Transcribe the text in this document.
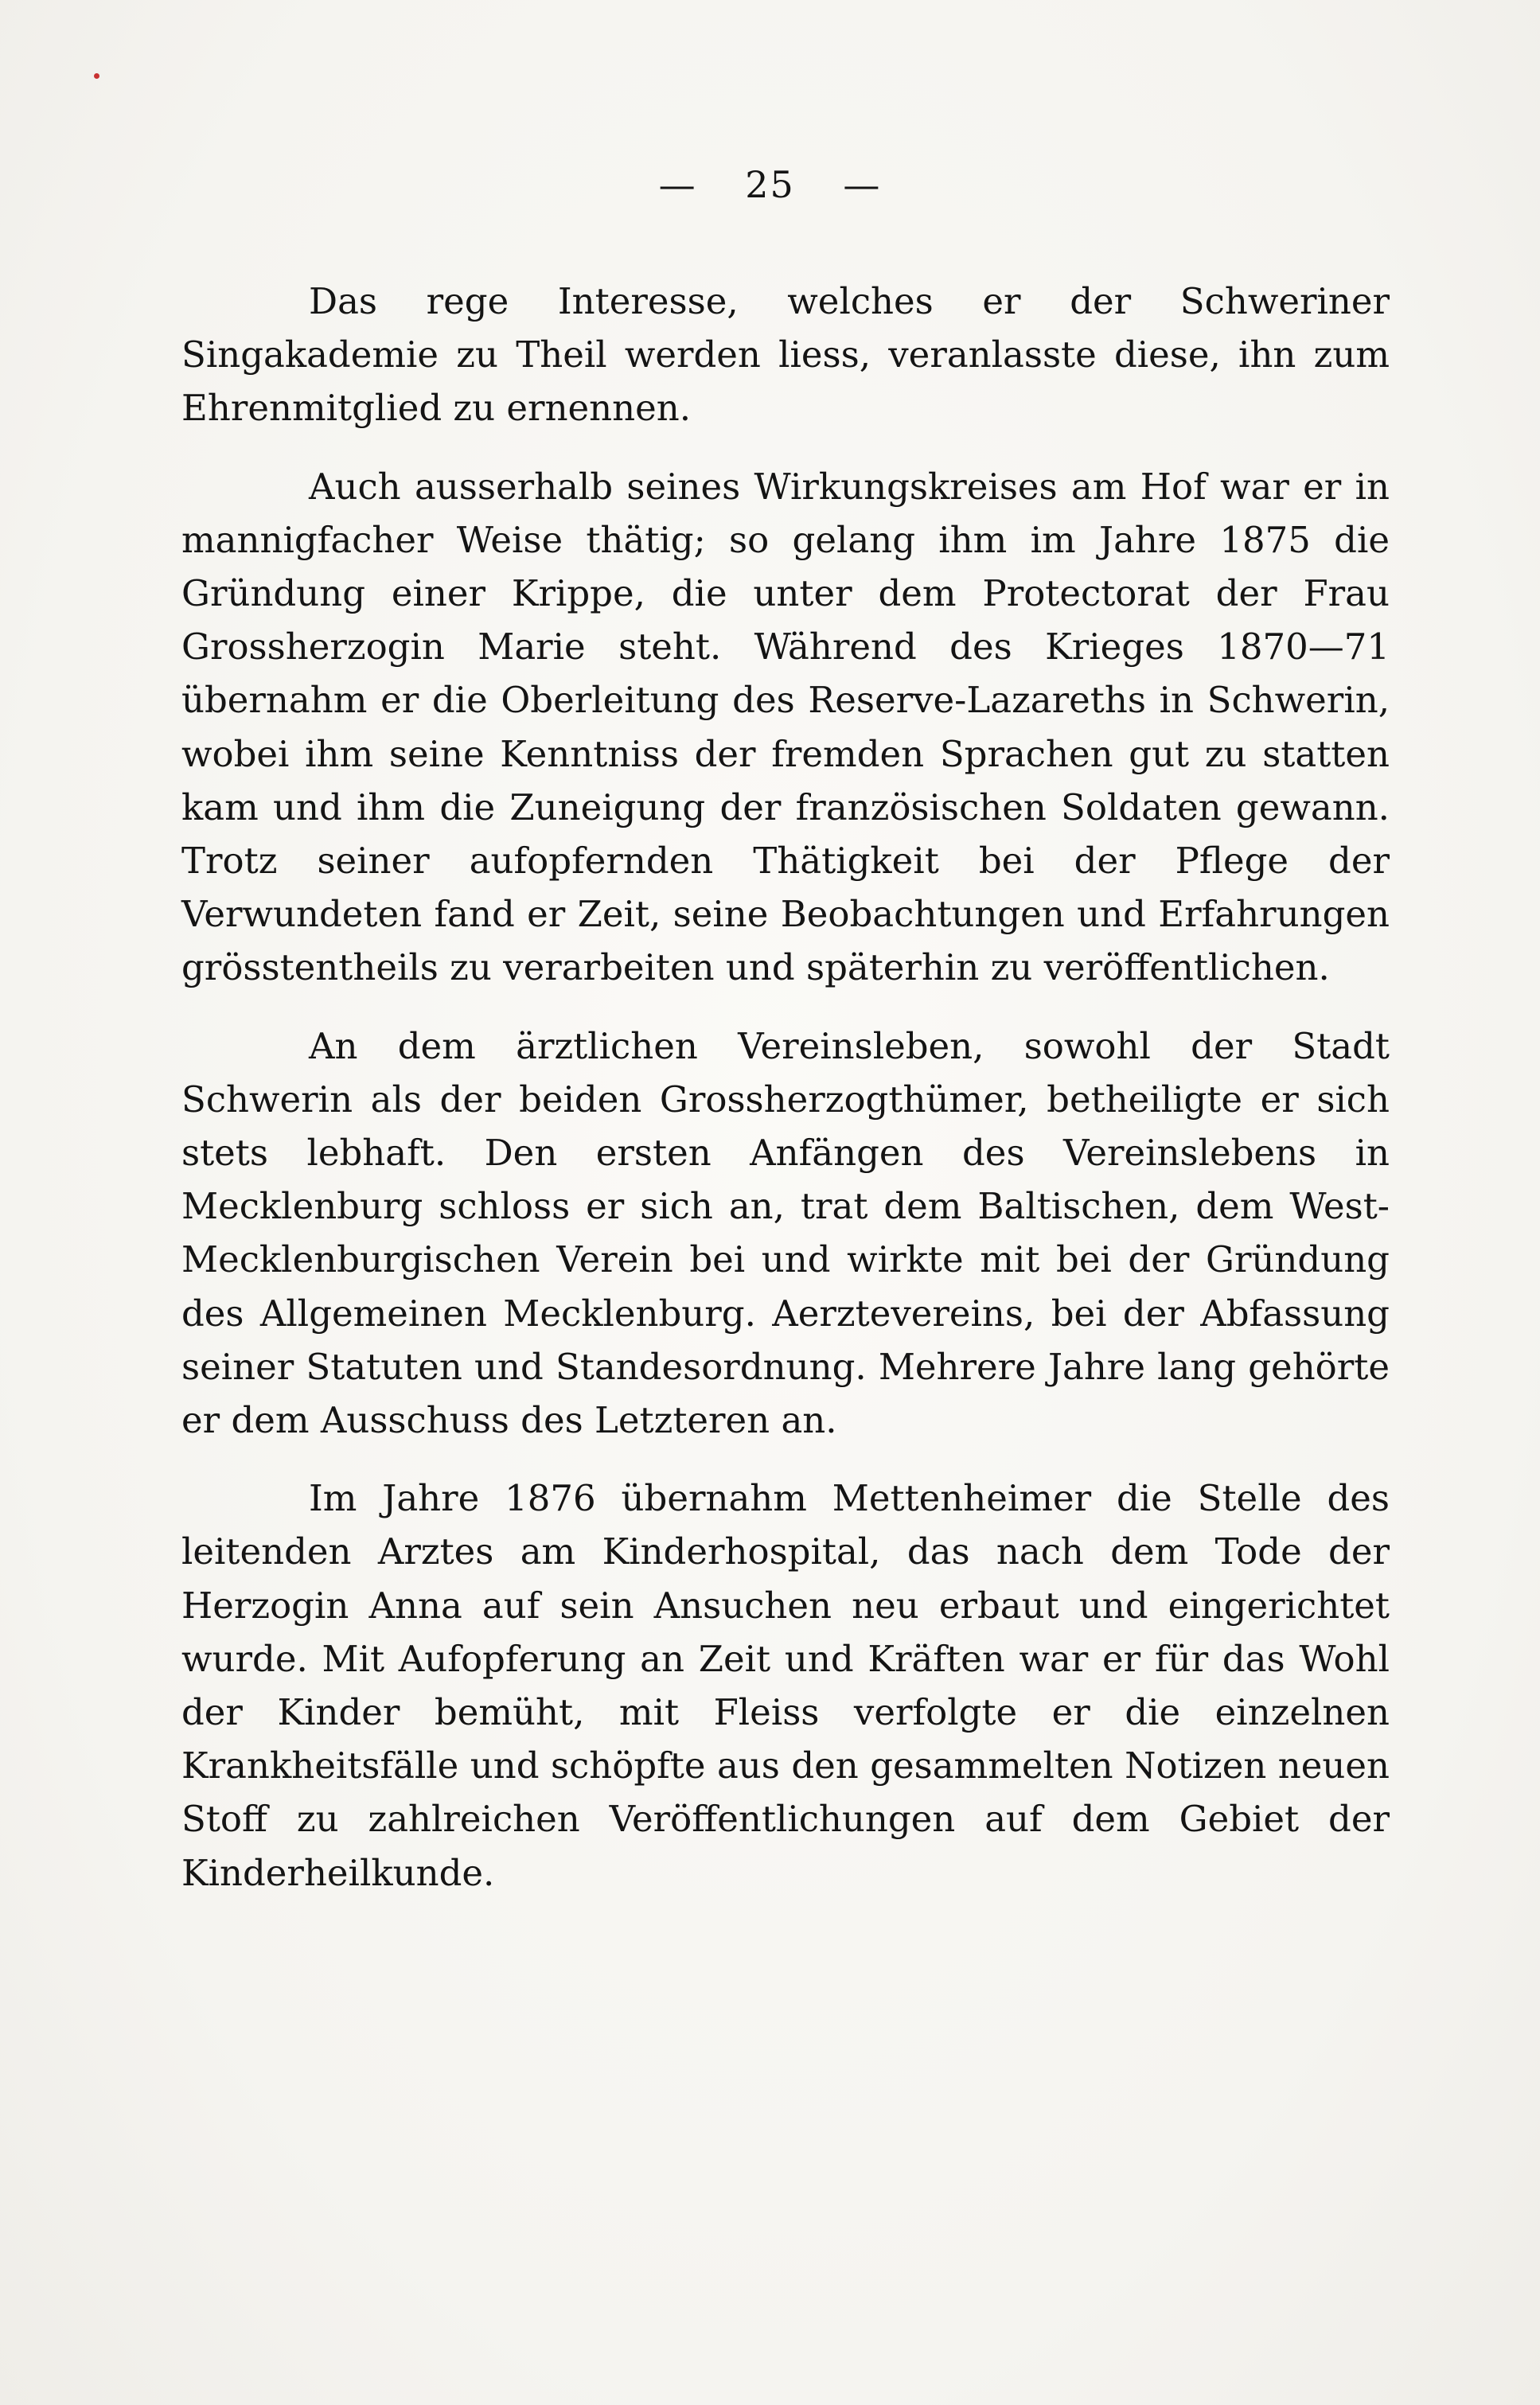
— 25 —

Das rege Interesse, welches er der Schweriner Singakademie zu Theil werden liess, veranlasste diese, ihn zum Ehrenmitglied zu ernennen.

Auch ausserhalb seines Wirkungskreises am Hof war er in mannigfacher Weise thätig; so gelang ihm im Jahre 1875 die Gründung einer Krippe, die unter dem Protectorat der Frau Grossherzogin Marie steht. Während des Krieges 1870—71 übernahm er die Oberleitung des Reserve-Lazareths in Schwerin, wobei ihm seine Kenntniss der fremden Sprachen gut zu statten kam und ihm die Zuneigung der französischen Soldaten gewann. Trotz seiner aufopfernden Thätigkeit bei der Pflege der Verwundeten fand er Zeit, seine Beobachtungen und Erfahrungen grösstentheils zu verarbeiten und späterhin zu veröffentlichen.

An dem ärztlichen Vereinsleben, sowohl der Stadt Schwerin als der beiden Grossherzogthümer, betheiligte er sich stets lebhaft. Den ersten Anfängen des Vereinslebens in Mecklenburg schloss er sich an, trat dem Baltischen, dem West-Mecklenburgischen Verein bei und wirkte mit bei der Gründung des Allgemeinen Mecklenburg. Aerztevereins, bei der Abfassung seiner Statuten und Standesordnung. Mehrere Jahre lang gehörte er dem Ausschuss des Letzteren an.

Im Jahre 1876 übernahm Mettenheimer die Stelle des leitenden Arztes am Kinderhospital, das nach dem Tode der Herzogin Anna auf sein Ansuchen neu erbaut und eingerichtet wurde. Mit Aufopferung an Zeit und Kräften war er für das Wohl der Kinder bemüht, mit Fleiss verfolgte er die einzelnen Krankheitsfälle und schöpfte aus den gesammelten Notizen neuen Stoff zu zahlreichen Veröffentlichungen auf dem Gebiet der Kinderheilkunde.
